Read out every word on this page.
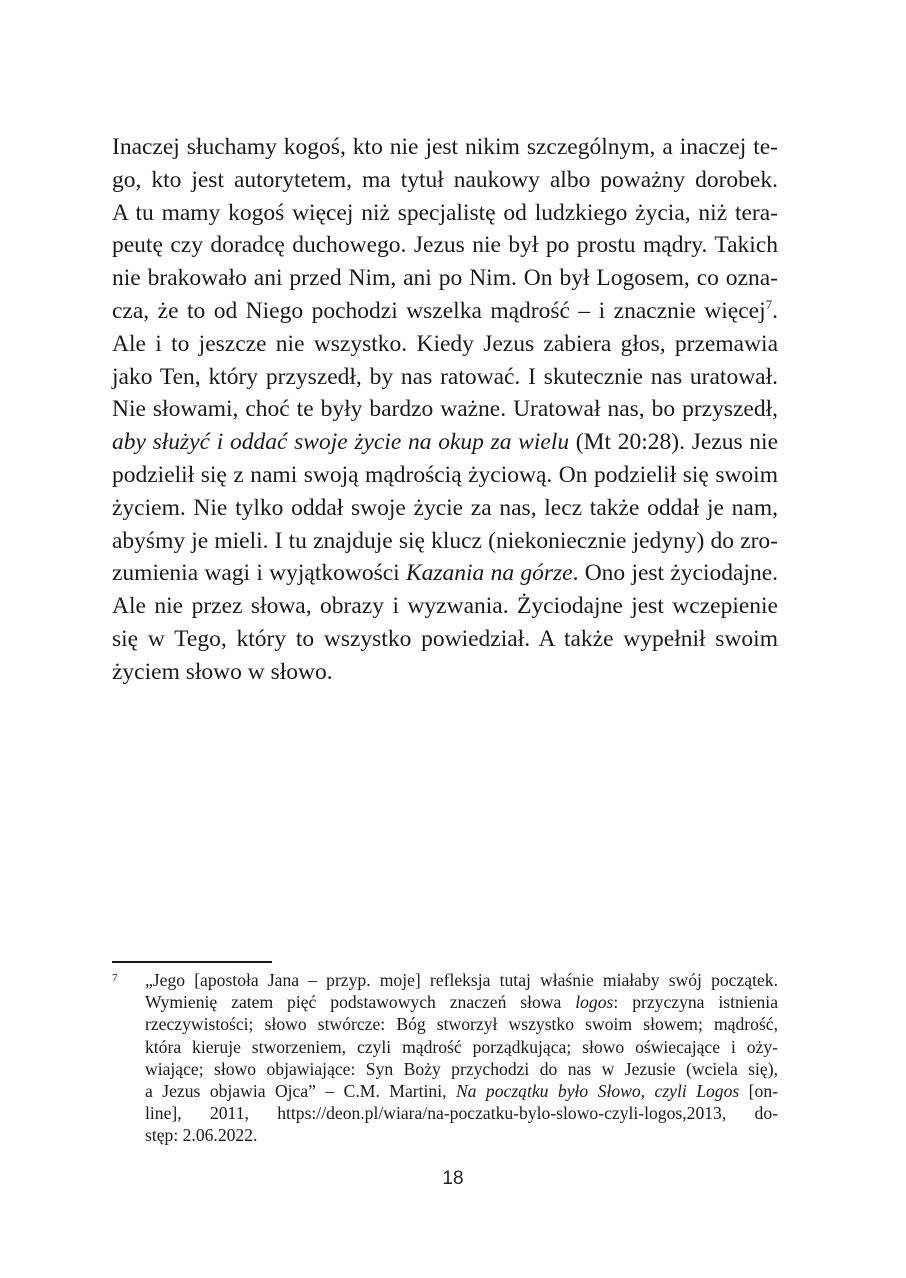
Inaczej słuchamy kogoś, kto nie jest nikim szczególnym, a inaczej te-
go, kto jest autorytetem, ma tytuł naukowy albo poważny dorobek.
A tu mamy kogoś więcej niż specjalistę od ludzkiego życia, niż tera-
peutę czy doradcę duchowego. Jezus nie był po prostu mądry. Takich
nie brakowało ani przed Nim, ani po Nim. On był Logosem, co ozna-
cza, że to od Niego pochodzi wszelka mądrość – i znacznie więcej$^7$.
Ale i to jeszcze nie wszystko. Kiedy Jezus zabiera głos, przemawia
jako Ten, który przyszedł, by nas ratować. I skutecznie nas uratował.
Nie słowami, choć te były bardzo ważne. Uratował nas, bo przyszedł,
aby służyć i oddać swoje życie na okup za wielu (Mt 20:28). Jezus nie
podzielił się z nami swoją mądrością życiową. On podzielił się swoim
życiem. Nie tylko oddał swoje życie za nas, lecz także oddał je nam,
abyśmy je mieli. I tu znajduje się klucz (niekoniecznie jedyny) do zro-
zumienia wagi i wyjątkowości Kazania na górze. Ono jest życiodajne.
Ale nie przez słowa, obrazy i wyzwania. Życiodajne jest wczepienie
się w Tego, który to wszystko powiedział. A także wypełnił swoim
życiem słowo w słowo.
7 „Jego [apostoła Jana – przyp. moje] refleksja tutaj właśnie miałaby swój początek.
Wymienię zatem pięć podstawowych znaczeń słowa logos: przyczyna istnienia
rzeczywistości; słowo stwórcze: Bóg stworzył wszystko swoim słowem; mądrość,
która kieruje stworzeniem, czyli mądrość porządkująca; słowo oświecające i oży-
wiające; słowo objawiające: Syn Boży przychodzi do nas w Jezusie (wciela się),
a Jezus objawia Ojca” – C.M. Martini, Na początku było Słowo, czyli Logos [on-
line], 2011, https://deon.pl/wiara/na-poczatku-bylo-slowo-czyli-logos,2013, do-
stęp: 2.06.2022.
18
